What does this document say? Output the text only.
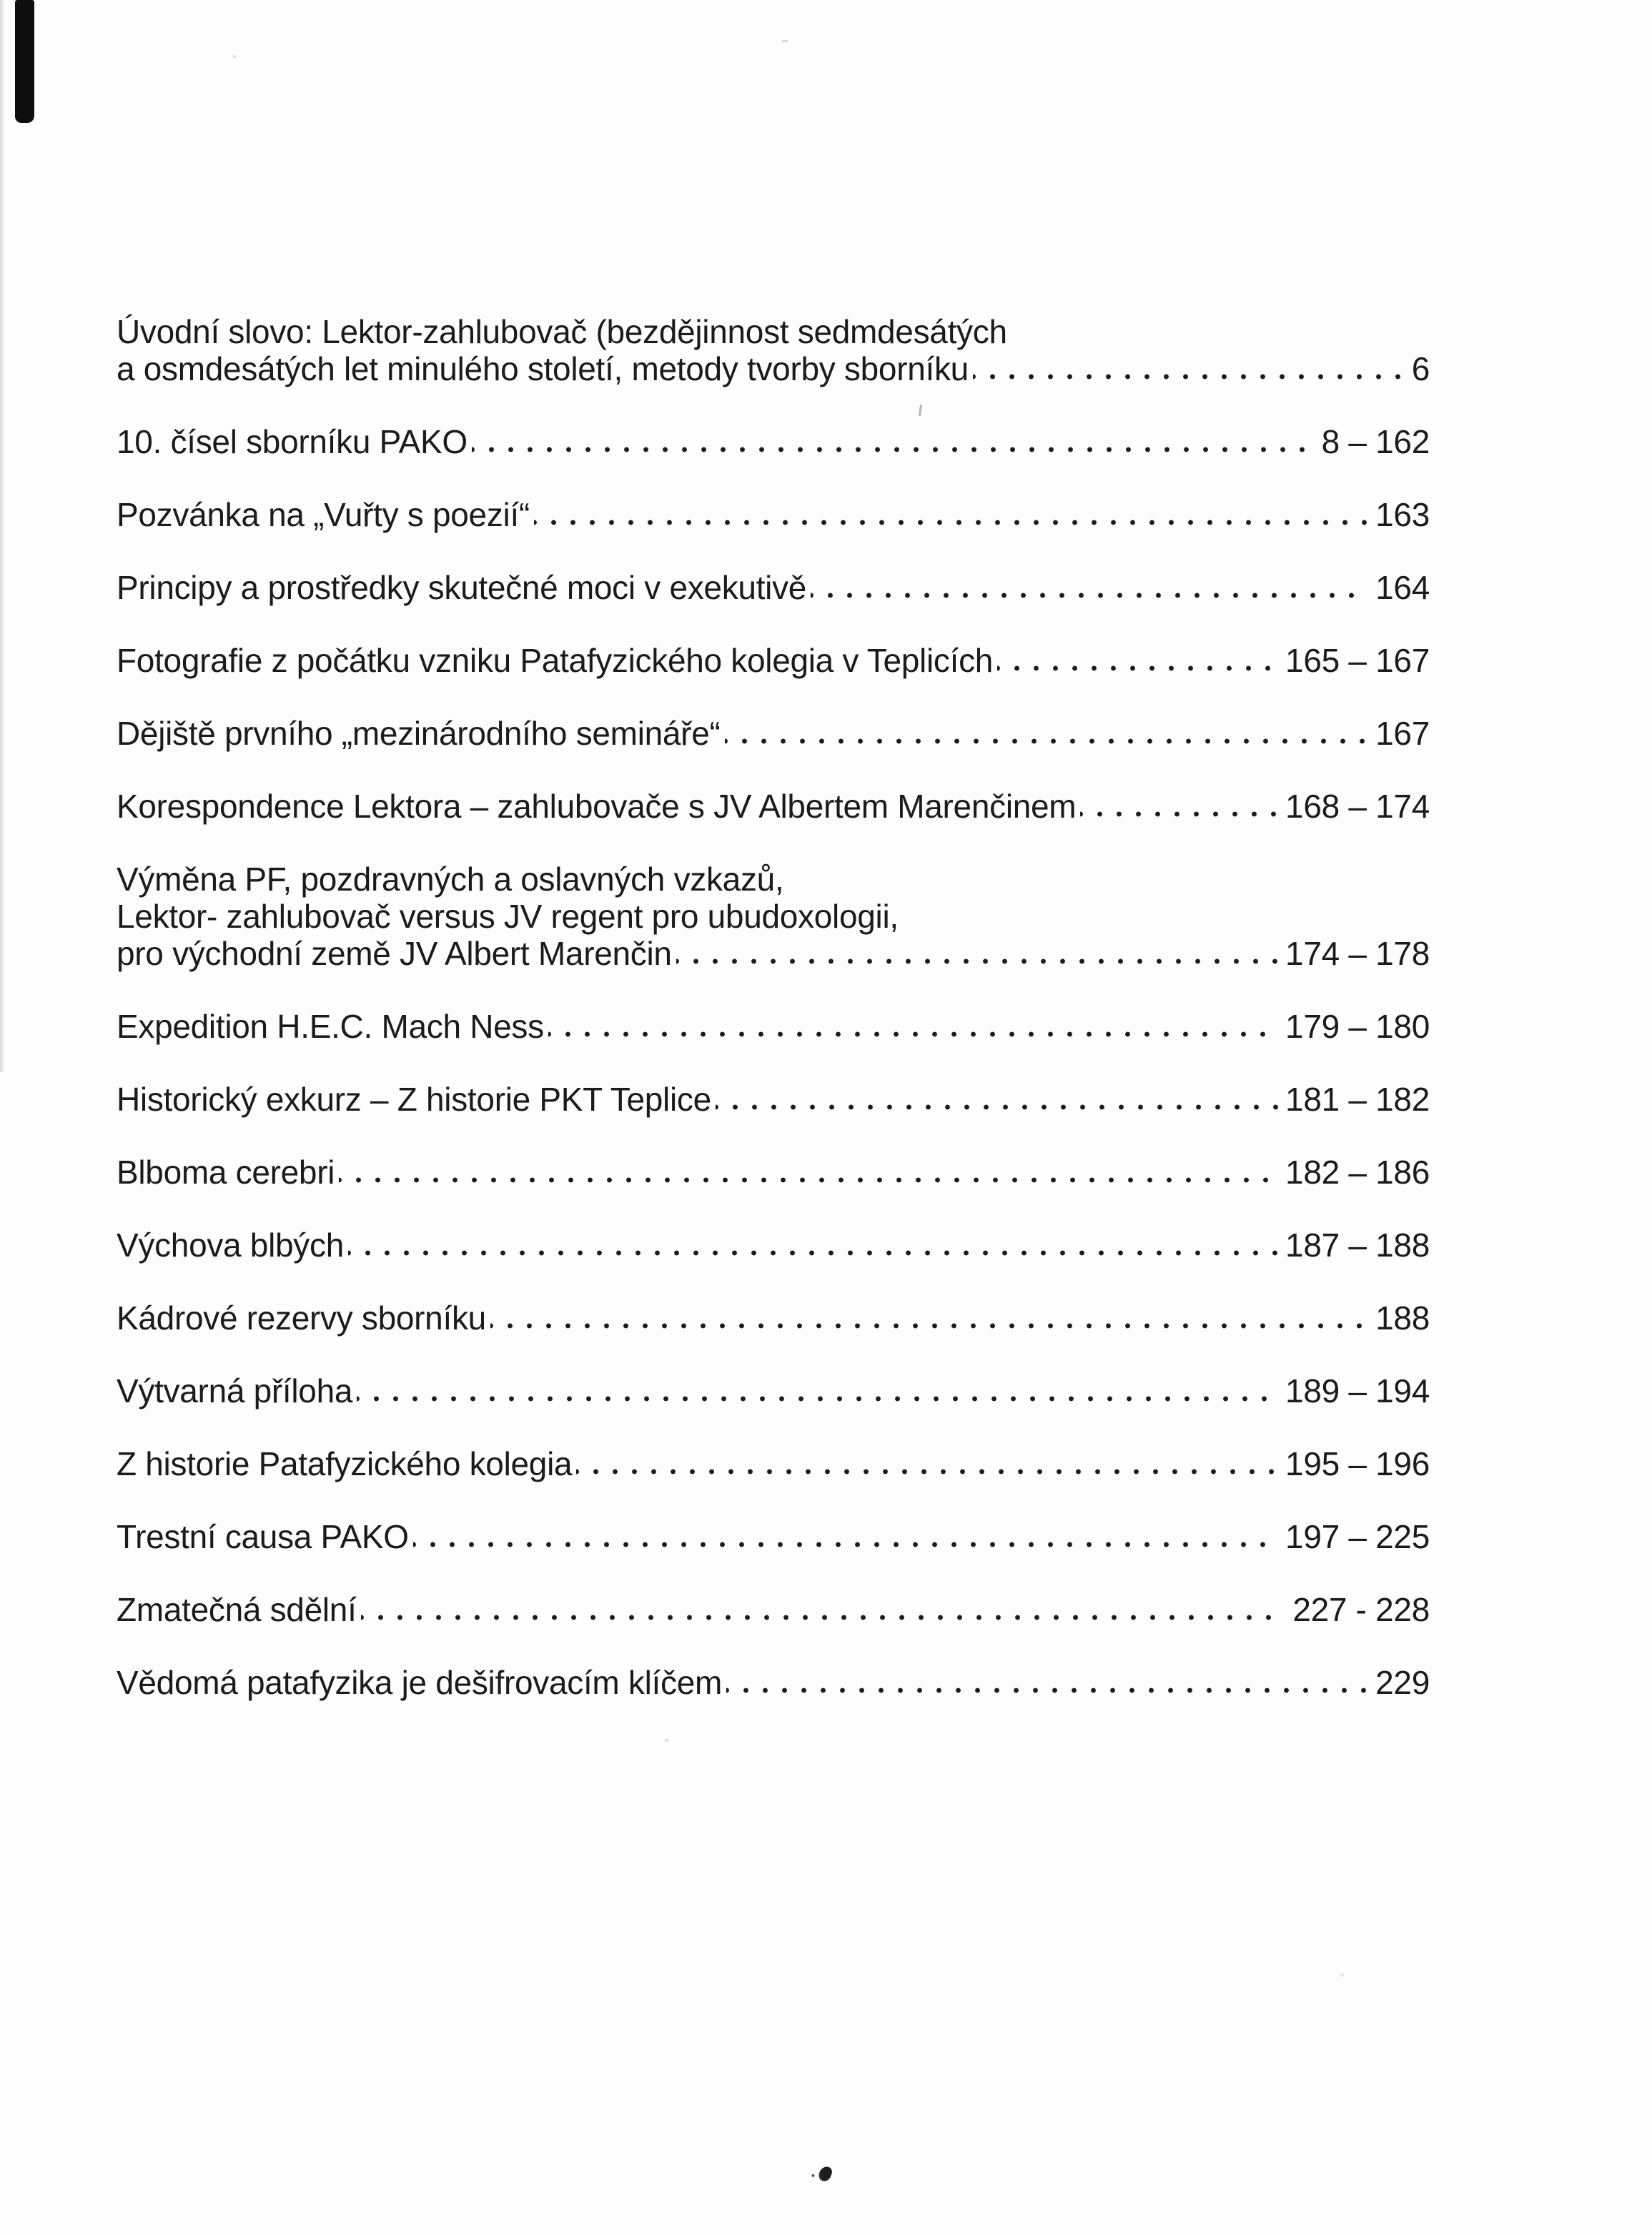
Úvodní slovo: Lektor-zahlubovač (bezdějinnost sedmdesátých
a osmdesátých let minulého století, metody tvorby sborníku	6
10. čísel sborníku PAKO	8 – 162
Pozvánka na „Vuřty s poezií“	163
Principy a prostředky skutečné moci v exekutivě	164
Fotografie z počátku vzniku Patafyzického kolegia v Teplicích	165 – 167
Dějiště prvního „mezinárodního semináře“	167
Korespondence Lektora – zahlubovače s JV Albertem Marenčinem	168 – 174
Výměna PF, pozdravných a oslavných vzkazů,
Lektor- zahlubovač versus JV regent pro ubudoxologii,
pro východní země JV Albert Marenčin	174 – 178
Expedition H.E.C. Mach Ness	179 – 180
Historický exkurz – Z historie PKT Teplice	181 – 182
Blboma cerebri	182 – 186
Výchova blbých	187 – 188
Kádrové rezervy sborníku	188
Výtvarná příloha	189 – 194
Z historie Patafyzického kolegia	195 – 196
Trestní causa PAKO	197 – 225
Zmatečná sdělní	227 - 228
Vědomá patafyzika je dešifrovacím klíčem	229
